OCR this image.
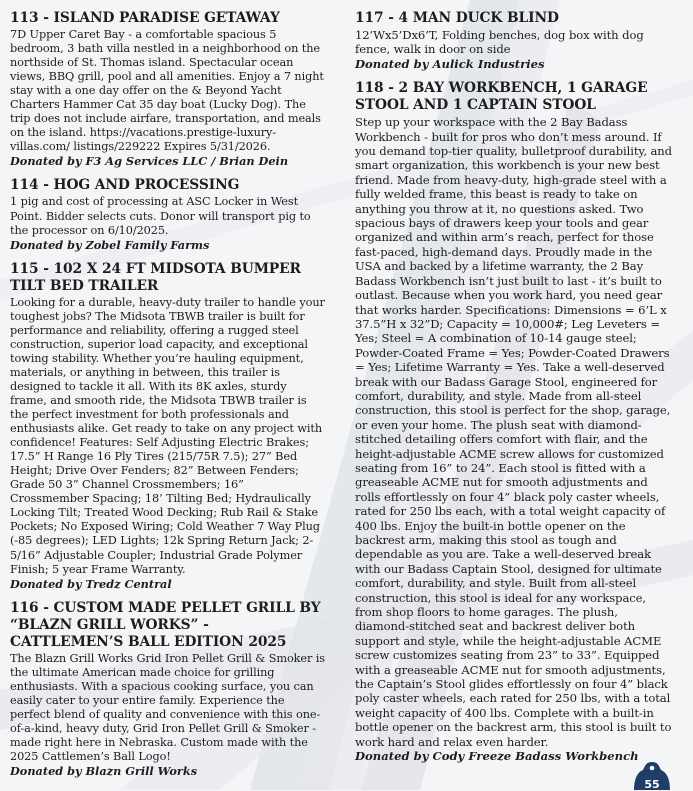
113 - ISLAND PARADISE GETAWAY

7D Upper Caret Bay - a comfortable spacious 5 bedroom, 3 bath villa nestled in a neighborhood on the northside of St. Thomas island. Spectacular ocean views, BBQ grill, pool and all amenities. Enjoy a 7 night stay with a one day offer on the & Beyond Yacht Charters Hammer Cat 35 day boat (Lucky Dog). The trip does not include airfare, transportation, and meals on the island. https://vacations.prestige-luxury-villas.com/ listings/229222 Expires 5/31/2026.

Donated by F3 Ag Services LLC / Brian Dein

114 - HOG AND PROCESSING

1 pig and cost of processing at ASC Locker in West Point. Bidder selects cuts. Donor will transport pig to the processor on 6/10/2025.

Donated by Zobel Family Farms

115 - 102 X 24 FT MIDSOTA BUMPER TILT BED TRAILER

Looking for a durable, heavy-duty trailer to handle your toughest jobs? The Midsota TBWB trailer is built for performance and reliability, offering a rugged steel construction, superior load capacity, and exceptional towing stability. Whether you’re hauling equipment, materials, or anything in between, this trailer is designed to tackle it all. With its 8K axles, sturdy frame, and smooth ride, the Midsota TBWB trailer is the perfect investment for both professionals and enthusiasts alike. Get ready to take on any project with confidence! Features: Self Adjusting Electric Brakes; 17.5” H Range 16 Ply Tires (215/75R 7.5); 27” Bed Height; Drive Over Fenders; 82” Between Fenders; Grade 50 3” Channel Crossmembers; 16” Crossmember Spacing; 18’ Tilting Bed; Hydraulically Locking Tilt; Treated Wood Decking; Rub Rail & Stake Pockets; No Exposed Wiring; Cold Weather 7 Way Plug (-85 degrees); LED Lights; 12k Spring Return Jack; 2-5/16” Adjustable Coupler; Industrial Grade Polymer Finish; 5 year Frame Warranty.

Donated by Tredz Central

116 - CUSTOM MADE PELLET GRILL BY “BLAZN GRILL WORKS” - CATTLEMEN’S BALL EDITION 2025

The Blazn Grill Works Grid Iron Pellet Grill & Smoker is the ultimate American made choice for grilling enthusiasts. With a spacious cooking surface, you can easily cater to your entire family. Experience the perfect blend of quality and convenience with this one-of-a-kind, heavy duty, Grid Iron Pellet Grill & Smoker - made right here in Nebraska. Custom made with the 2025 Cattlemen’s Ball Logo!

Donated by Blazn Grill Works

117 - 4 MAN DUCK BLIND

12’Wx5’Dx6’T, Folding benches, dog box with dog fence, walk in door on side

Donated by Aulick Industries

118 - 2 BAY WORKBENCH, 1 GARAGE STOOL AND 1 CAPTAIN STOOL

Step up your workspace with the 2 Bay Badass Workbench - built for pros who don’t mess around. If you demand top-tier quality, bulletproof durability, and smart organization, this workbench is your new best friend. Made from heavy-duty, high-grade steel with a fully welded frame, this beast is ready to take on anything you throw at it, no questions asked. Two spacious bays of drawers keep your tools and gear organized and within arm’s reach, perfect for those fast-paced, high-demand days. Proudly made in the USA and backed by a lifetime warranty, the 2 Bay Badass Workbench isn’t just built to last - it’s built to outlast. Because when you work hard, you need gear that works harder. Specifications: Dimensions = 6’L x 37.5”H x 32”D; Capacity = 10,000#; Leg Leveters = Yes; Steel = A combination of 10-14 gauge steel; Powder-Coated Frame = Yes; Powder-Coated Drawers = Yes; Lifetime Warranty = Yes. Take a well-deserved break with our Badass Garage Stool, engineered for comfort, durability, and style. Made from all-steel construction, this stool is perfect for the shop, garage, or even your home. The plush seat with diamond-stitched detailing offers comfort with flair, and the height-adjustable ACME screw allows for customized seating from 16” to 24”. Each stool is fitted with a greaseable ACME nut for smooth adjustments and rolls effortlessly on four 4” black poly caster wheels, rated for 250 lbs each, with a total weight capacity of 400 lbs. Enjoy the built-in bottle opener on the backrest arm, making this stool as tough and dependable as you are. Take a well-deserved break with our Badass Captain Stool, designed for ultimate comfort, durability, and style. Built from all-steel construction, this stool is ideal for any workspace, from shop floors to home garages. The plush, diamond-stitched seat and backrest deliver both support and style, while the height-adjustable ACME screw customizes seating from 23” to 33”. Equipped with a greaseable ACME nut for smooth adjustments, the Captain’s Stool glides effortlessly on four 4” black poly caster wheels, each rated for 250 lbs, with a total weight capacity of 400 lbs. Complete with a built-in bottle opener on the backrest arm, this stool is built to work hard and relax even harder.

Donated by Cody Freeze Badass Workbench

55
